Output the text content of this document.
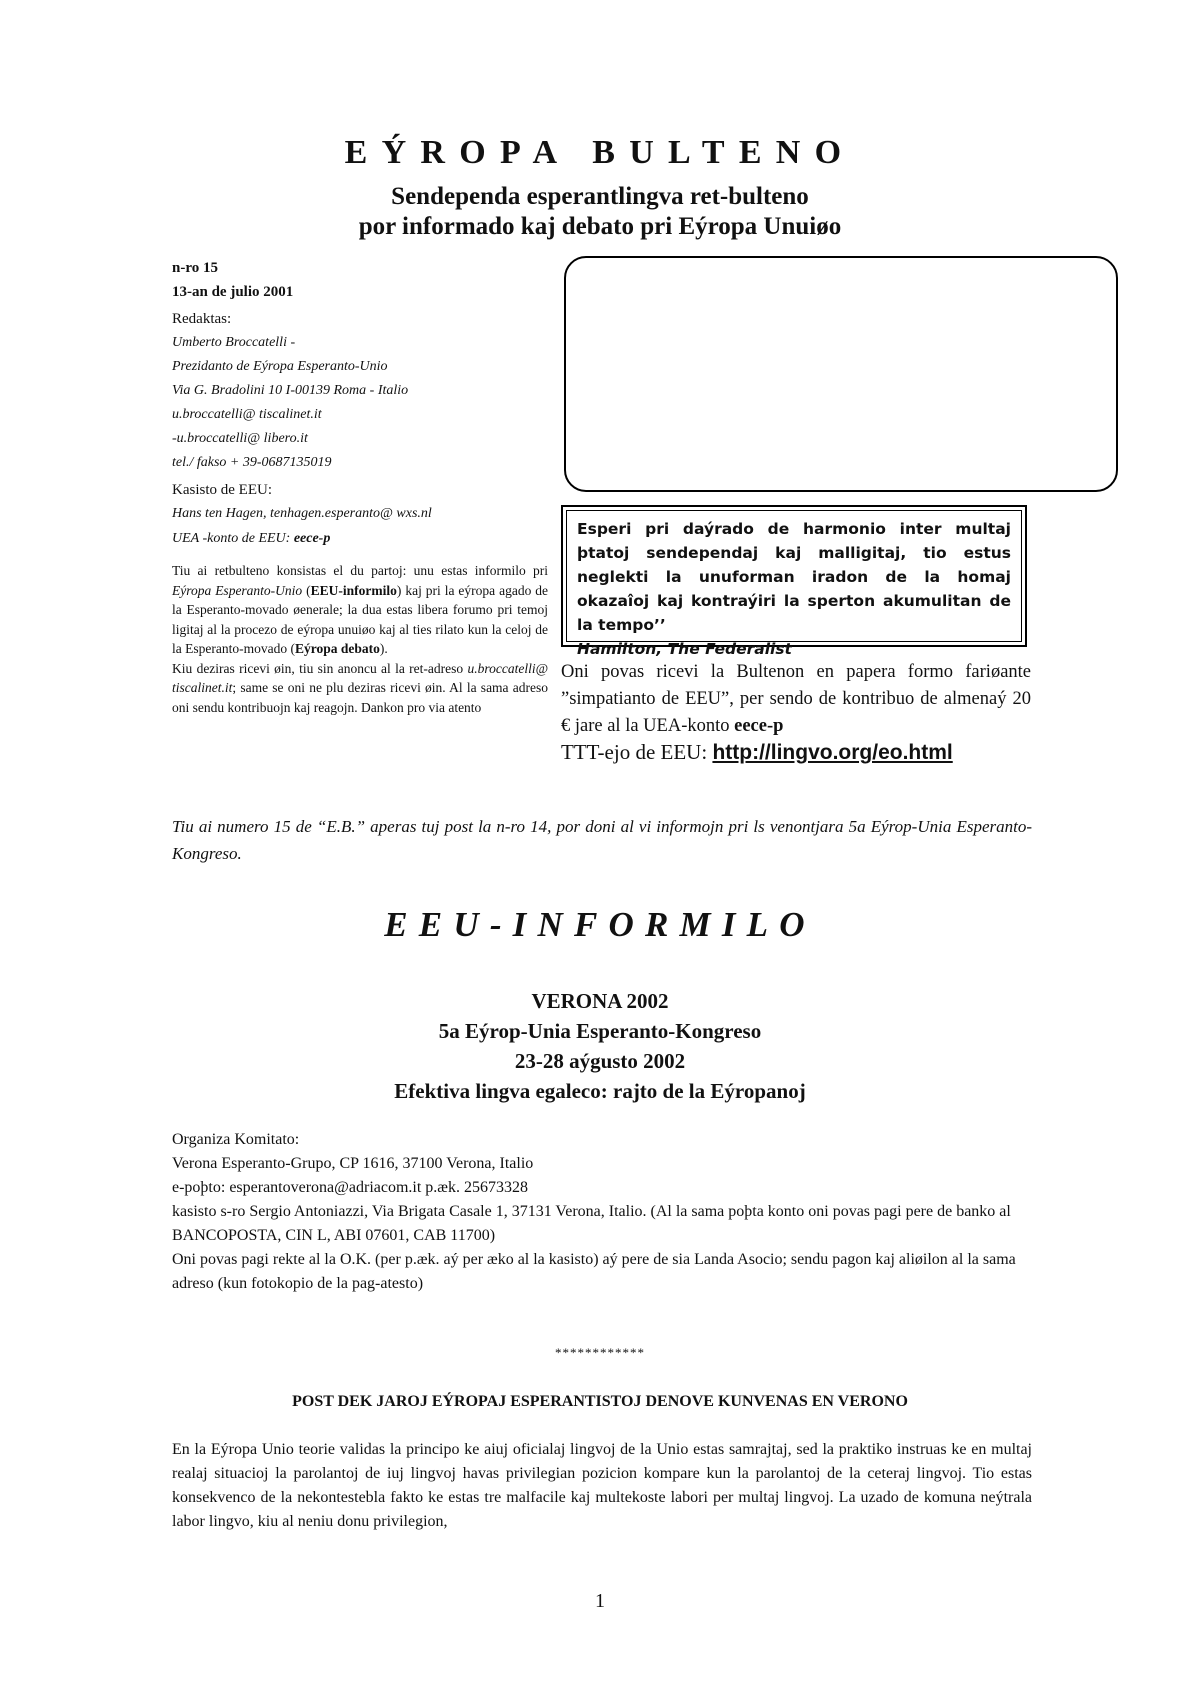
EÝROPA BULTENO
Sendependa esperantlingva ret-bulteno
por informado kaj debato pri Eýropa Unuiøo
n-ro 15
13-an de julio 2001
Redaktas:
Umberto Broccatelli -
Prezidanto de Eýropa Esperanto-Unio
Via G. Bradolini 10 I-00139 Roma - Italio
u.broccatelli@ tiscalinet.it
-u.broccatelli@ libero.it
tel./ fakso + 39-0687135019
Kasisto de EEU:
Hans ten Hagen, tenhagen.esperanto@ wxs.nl
UEA -konto de EEU: eece-p
Tiu ai retbulteno konsistas el du partoj: unu estas informilo pri Eýropa Esperanto-Unio (EEU-informilo) kaj pri la eýropa agado de la Esperanto-movado øenerale; la dua estas libera forumo pri temoj ligitaj al la procezo de eýropa unuiøo kaj al ties rilato kun la celoj de la Esperanto-movado (Eýropa debato).
Kiu deziras ricevi øin, tiu sin anoncu al la ret-adreso u.broccatelli@ tiscalinet.it; same se oni ne plu deziras ricevi øin. Al la sama adreso oni sendu kontribuojn kaj reagojn. Dankon pro via atento
Esperi pri daýrado de harmonio inter multaj þtatoj sendependaj kaj malligitaj, tio estus neglekti la unuforman iradon de la homaj okazaîoj kaj kontraýiri la sperton akumulitan de la tempo’’
Hamilton, The Federalist
Oni povas ricevi la Bultenon en papera formo fariøante ”simpatianto de EEU”, per sendo de kontribuo de almenaý 20 € jare al la UEA-konto eece-p
TTT-ejo de EEU: http://lingvo.org/eo.html
Tiu ai numero 15 de “E.B.” aperas tuj post la n-ro 14, por doni al vi informojn pri ls venontjara 5a Eýrop-Unia Esperanto-Kongreso.
EEU-INFORMILO
VERONA 2002
5a Eýrop-Unia Esperanto-Kongreso
23-28 aýgusto 2002
Efektiva lingva egaleco: rajto de la Eýropanoj
Organiza Komitato:
Verona Esperanto-Grupo, CP 1616, 37100 Verona, Italio
e-poþto: esperantoverona@adriacom.it p.æk. 25673328
kasisto s-ro Sergio Antoniazzi, Via Brigata Casale 1, 37131 Verona, Italio. (Al la sama poþta konto oni povas pagi pere de banko al BANCOPOSTA, CIN L, ABI 07601, CAB 11700)
Oni povas pagi rekte al la O.K. (per p.æk. aý per æko al la kasisto) aý pere de sia Landa Asocio; sendu pagon kaj aliøilon al la sama adreso (kun fotokopio de la pag-atesto)
************
POST DEK JAROJ EÝROPAJ ESPERANTISTOJ DENOVE KUNVENAS EN VERONO
En la Eýropa Unio teorie validas la principo ke aiuj oficialaj lingvoj de la Unio estas samrajtaj, sed la praktiko instruas ke en multaj realaj situacioj la parolantoj de iuj lingvoj havas privilegian pozicion kompare kun la parolantoj de la ceteraj lingvoj. Tio estas konsekvenco de la nekontestebla fakto ke estas tre malfacile kaj multekoste labori per multaj lingvoj. La uzado de komuna neýtrala labor lingvo, kiu al neniu donu privilegion,
1
